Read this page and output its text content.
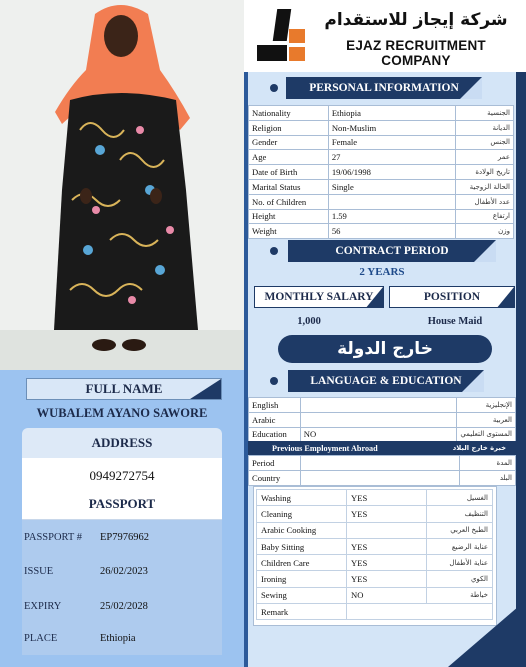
FULL NAME
WUBALEM AYANO SAWORE
ADDRESS
0949272754
PASSPORT
PASSPORT #	EP7976962
ISSUE	26/02/2023
EXPIRY	25/02/2028
PLACE	Ethiopia
شركة إيجاز للاستقدام
EJAZ RECRUITMENT COMPANY
PERSONAL INFORMATION
Nationality	Ethiopia	الجنسية
Religion	Non-Muslim	الديانة
Gender	Female	الجنس
Age	27	عمر
Date of Birth	19/06/1998	تاريخ الولادة
Marital Status	Single	الحالة الزوجية
No. of Children		عدد الأطفال
Height	1.59	ارتفاع
Weight	56	وزن
CONTRACT PERIOD
2 YEARS
MONTHLY SALARY	POSITION
1,000	House Maid
خارج الدولة
LANGUAGE & EDUCATION
English		الإنجليزية
Arabic		العربية
Education	NO	المستوى التعليمي
Previous Employment Abroad	خبرة خارج البلاد
Period		المدة
Country		البلد
Washing	YES	الغسيل
Cleaning	YES	التنظيف
Arabic Cooking		الطبخ العربي
Baby Sitting	YES	عناية الرضيع
Children Care	YES	عناية الأطفال
Ironing	YES	الكوي
Sewing	NO	خياطة
Remark		
